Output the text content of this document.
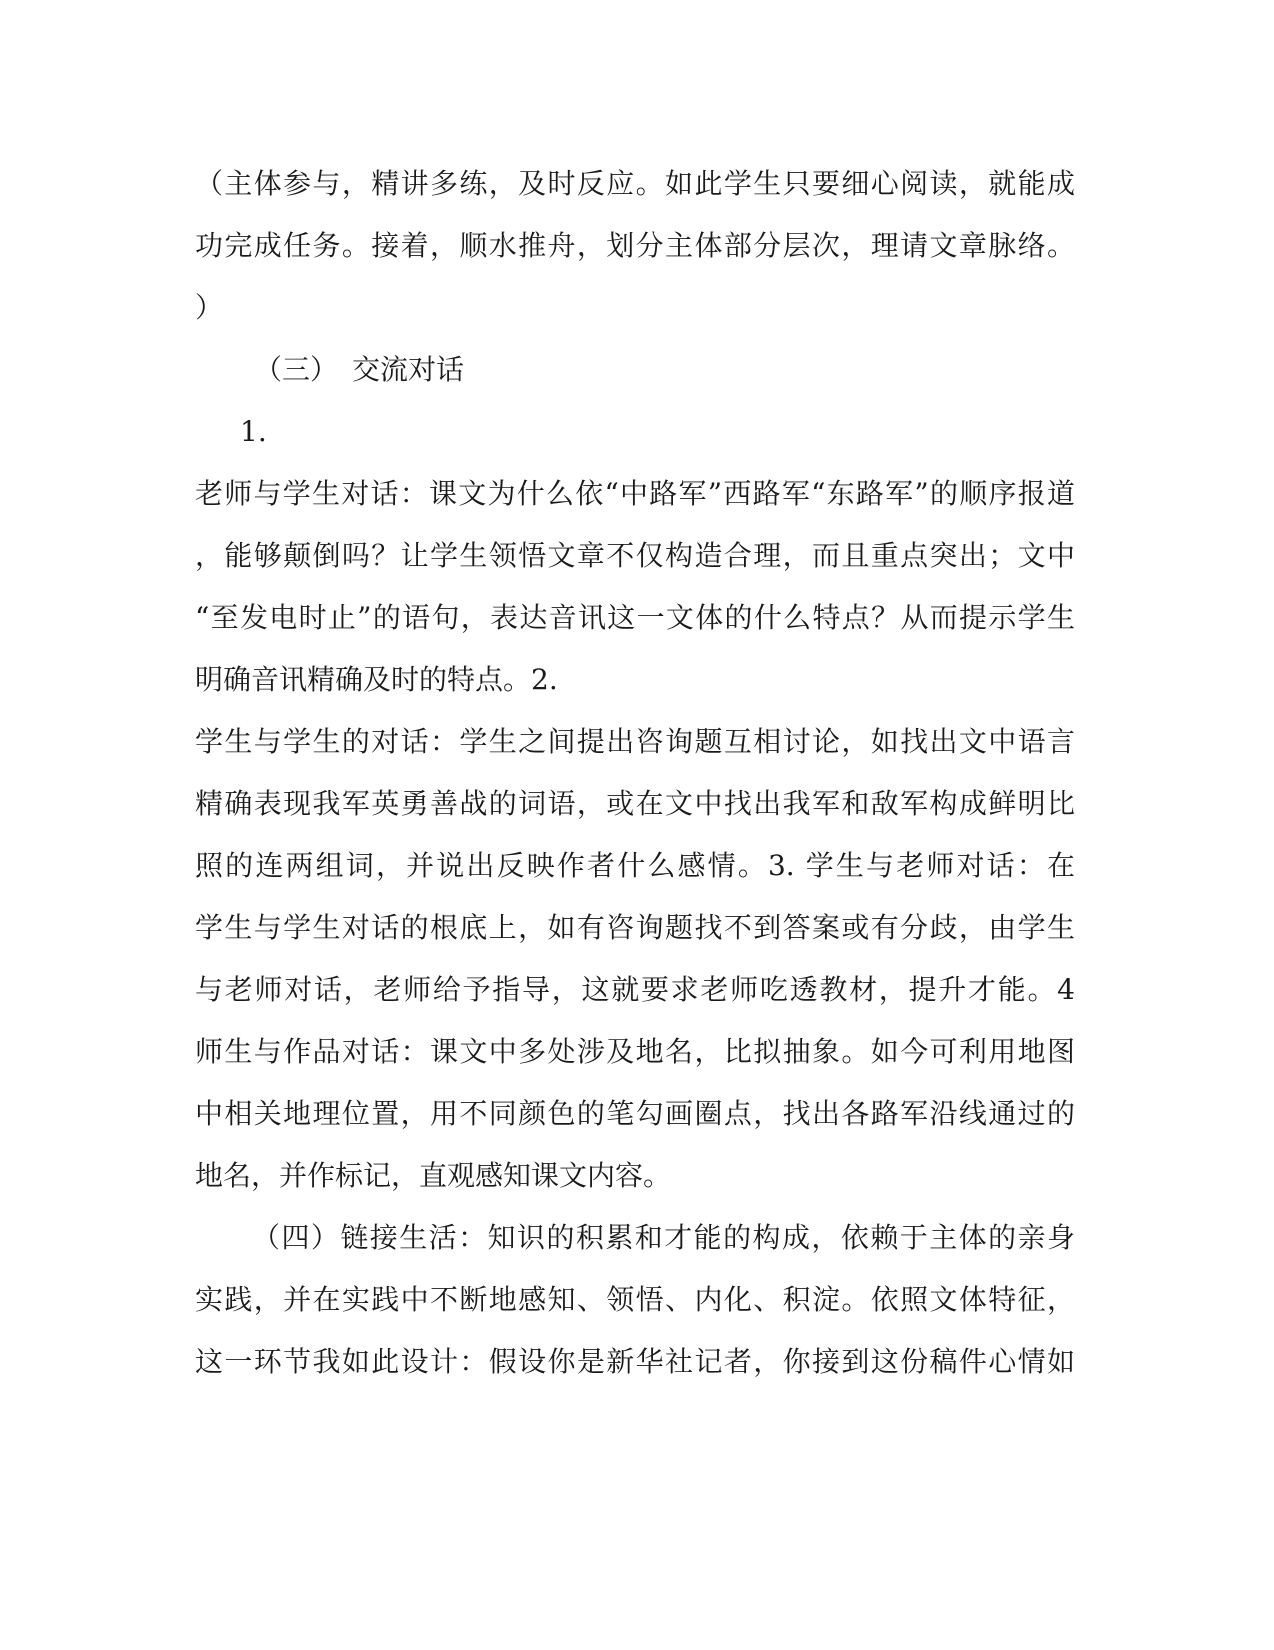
（主体参与，精讲多练，及时反应。如此学生只要细心阅读，就能成
功完成任务。接着，顺水推舟，划分主体部分层次，理请文章脉络。
）
（三）　交流对话
1.
老师与学生对话：课文为什么依“中路军”西路军“东路军”的顺序报道
，能够颠倒吗？让学生领悟文章不仅构造合理，而且重点突出；文中
“至发电时止”的语句，表达音讯这一文体的什么特点？从而提示学生
明确音讯精确及时的特点。2.
学生与学生的对话：学生之间提出咨询题互相讨论，如找出文中语言
精确表现我军英勇善战的词语，或在文中找出我军和敌军构成鲜明比
照的连两组词，并说出反映作者什么感情。3. 学生与老师对话：在
学生与学生对话的根底上，如有咨询题找不到答案或有分歧，由学生
与老师对话，老师给予指导，这就要求老师吃透教材，提升才能。4
师生与作品对话：课文中多处涉及地名，比拟抽象。如今可利用地图
中相关地理位置，用不同颜色的笔勾画圈点，找出各路军沿线通过的
地名，并作标记，直观感知课文内容。
（四）链接生活：知识的积累和才能的构成，依赖于主体的亲身
实践，并在实践中不断地感知、领悟、内化、积淀。依照文体特征，
这一环节我如此设计：假设你是新华社记者，你接到这份稿件心情如
